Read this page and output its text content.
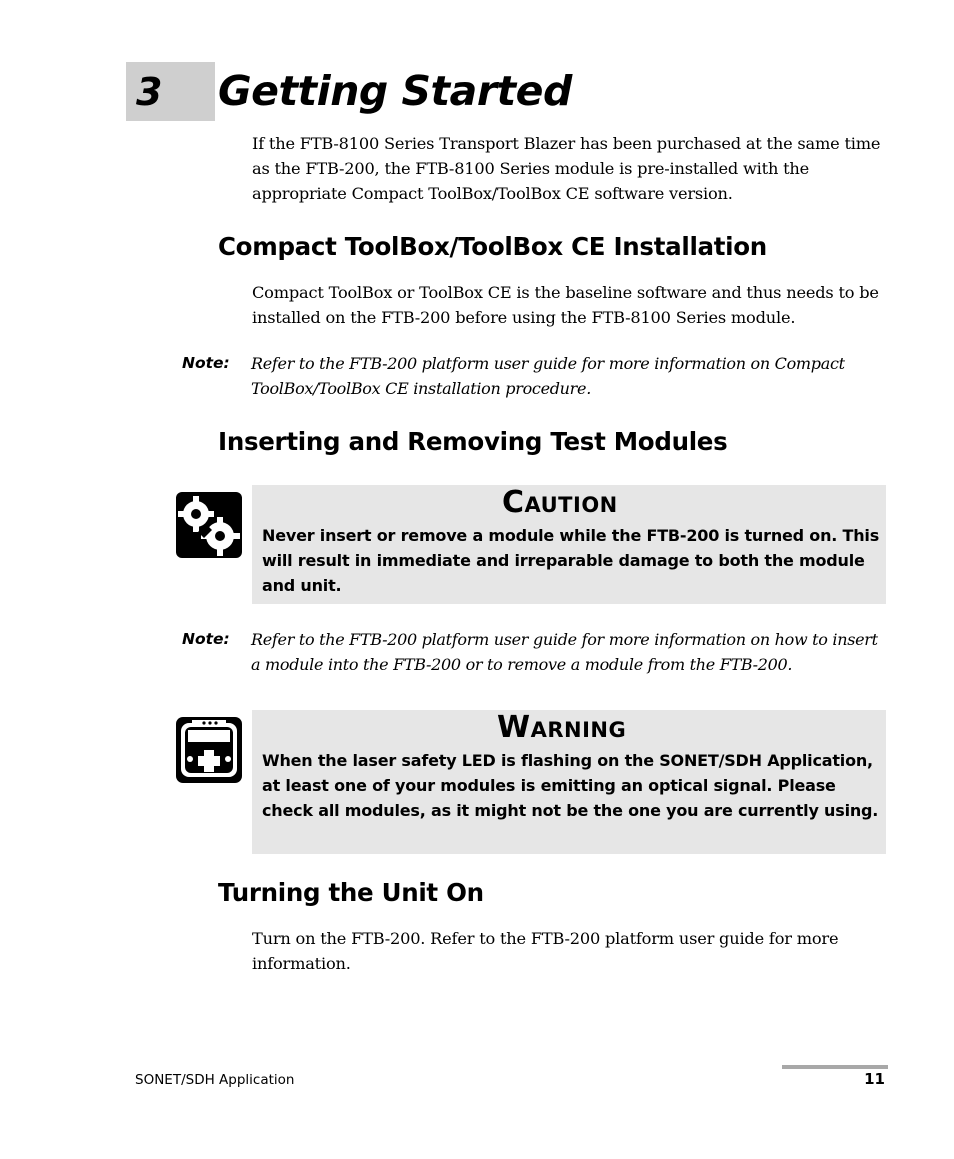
3 Getting Started
If the FTB-8100 Series Transport Blazer has been purchased at the same time as the FTB-200, the FTB-8100 Series module is pre-installed with the appropriate Compact ToolBox/ToolBox CE software version.
Compact ToolBox/ToolBox CE Installation
Compact ToolBox or ToolBox CE is the baseline software and thus needs to be installed on the FTB-200 before using the FTB-8100 Series module.
Note: Refer to the FTB-200 platform user guide for more information on Compact ToolBox/ToolBox CE installation procedure.
Inserting and Removing Test Modules
Never insert or remove a module while the FTB-200 is turned on. This will result in immediate and irreparable damage to both the module and unit.
Caution
Note: Refer to the FTB-200 platform user guide for more information on how to insert a module into the FTB-200 or to remove a module from the FTB-200.
When the laser safety LED is flashing on the SONET/SDH Application, at least one of your modules is emitting an optical signal. Please check all modules, as it might not be the one you are currently using.
Warning
Turning the Unit On
Turn on the FTB-200. Refer to the FTB-200 platform user guide for more information.
SONET/SDH Application	11
